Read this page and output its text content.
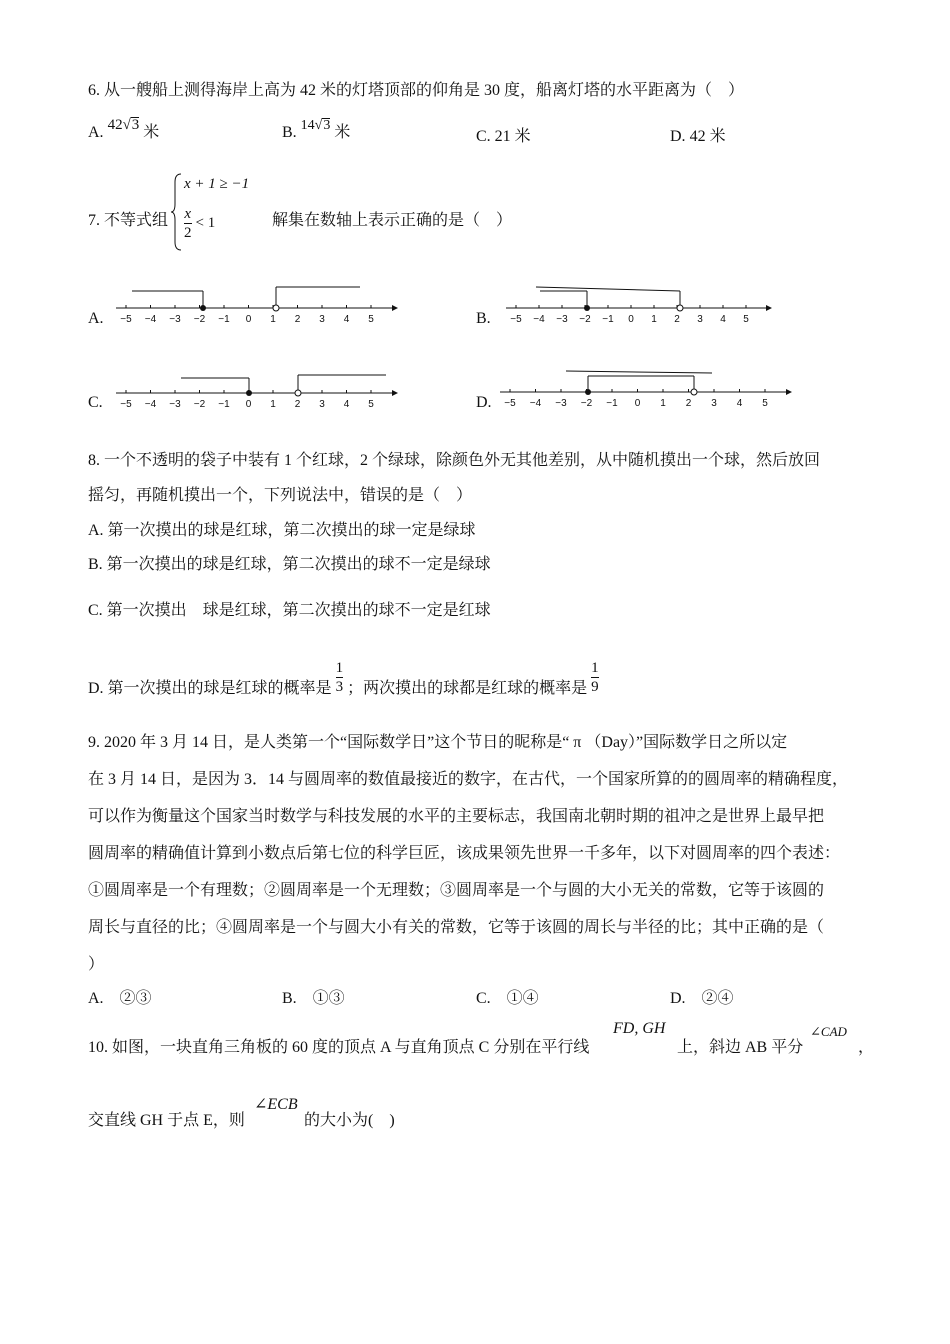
6. 从一艘船上测得海岸上高为 42 米的灯塔顶部的仰角是 30 度，船离灯塔的水平距离为（　）
A. 42√3 米	B. 14√3 米	C. 21 米	D. 42 米
7. 不等式组
x + 1 ≥ −1
$\frac{x}{2} < 1$	解集在数轴上表示正确的是（　）
A. −5 −4 −3 −2 −1 0 1 2 3 4 5	B. −5 −4 −3 −2 −1 0 1 2 3 4 5
C. −5 −4 −3 −2 −1 0 1 2 3 4 5	D. −5 −4 −3 −2 −1 0 1 2 3 4 5
8. 一个不透明的袋子中装有 1 个红球，2 个绿球，除颜色外无其他差别，从中随机摸出一个球，然后放回
摇匀，再随机摸出一个，下列说法中，错误的是（　）
A. 第一次摸出的球是红球，第二次摸出的球一定是绿球
B. 第一次摸出的球是红球，第二次摸出的球不一定是绿球
C. 第一次摸出　球是红球，第二次摸出的球不一定是红球
D. 第一次摸出的球是红球的概率是 $\frac{1}{3}$ ；两次摸出的球都是红球的概率是 $\frac{1}{9}$
9. 2020 年 3 月 14 日，是人类第一个“国际数学日”这个节日的昵称是“ π （Day）”国际数学日之所以定
在 3 月 14 日，是因为 3．14 与圆周率的数值最接近的数字，在古代，一个国家所算的的圆周率的精确程度，
可以作为衡量这个国家当时数学与科技发展的水平的主要标志，我国南北朝时期的祖冲之是世界上最早把
圆周率的精确值计算到小数点后第七位的科学巨匠，该成果领先世界一千多年，以下对圆周率的四个表述：
①圆周率是一个有理数；②圆周率是一个无理数；③圆周率是一个与圆的大小无关的常数，它等于该圆的
周长与直径的比；④圆周率是一个与圆大小有关的常数，它等于该圆的周长与半径的比；其中正确的是（
）
A.　②③	B.　①③	C.　①④	D.　②④
10. 如图，一块直角三角板的 60 度的顶点 A 与直角顶点 C 分别在平行线
FD, GH
上，斜边 AB 平分
∠CAD
，
交直线 GH 于点 E，则
∠ECB
的大小为(　)
